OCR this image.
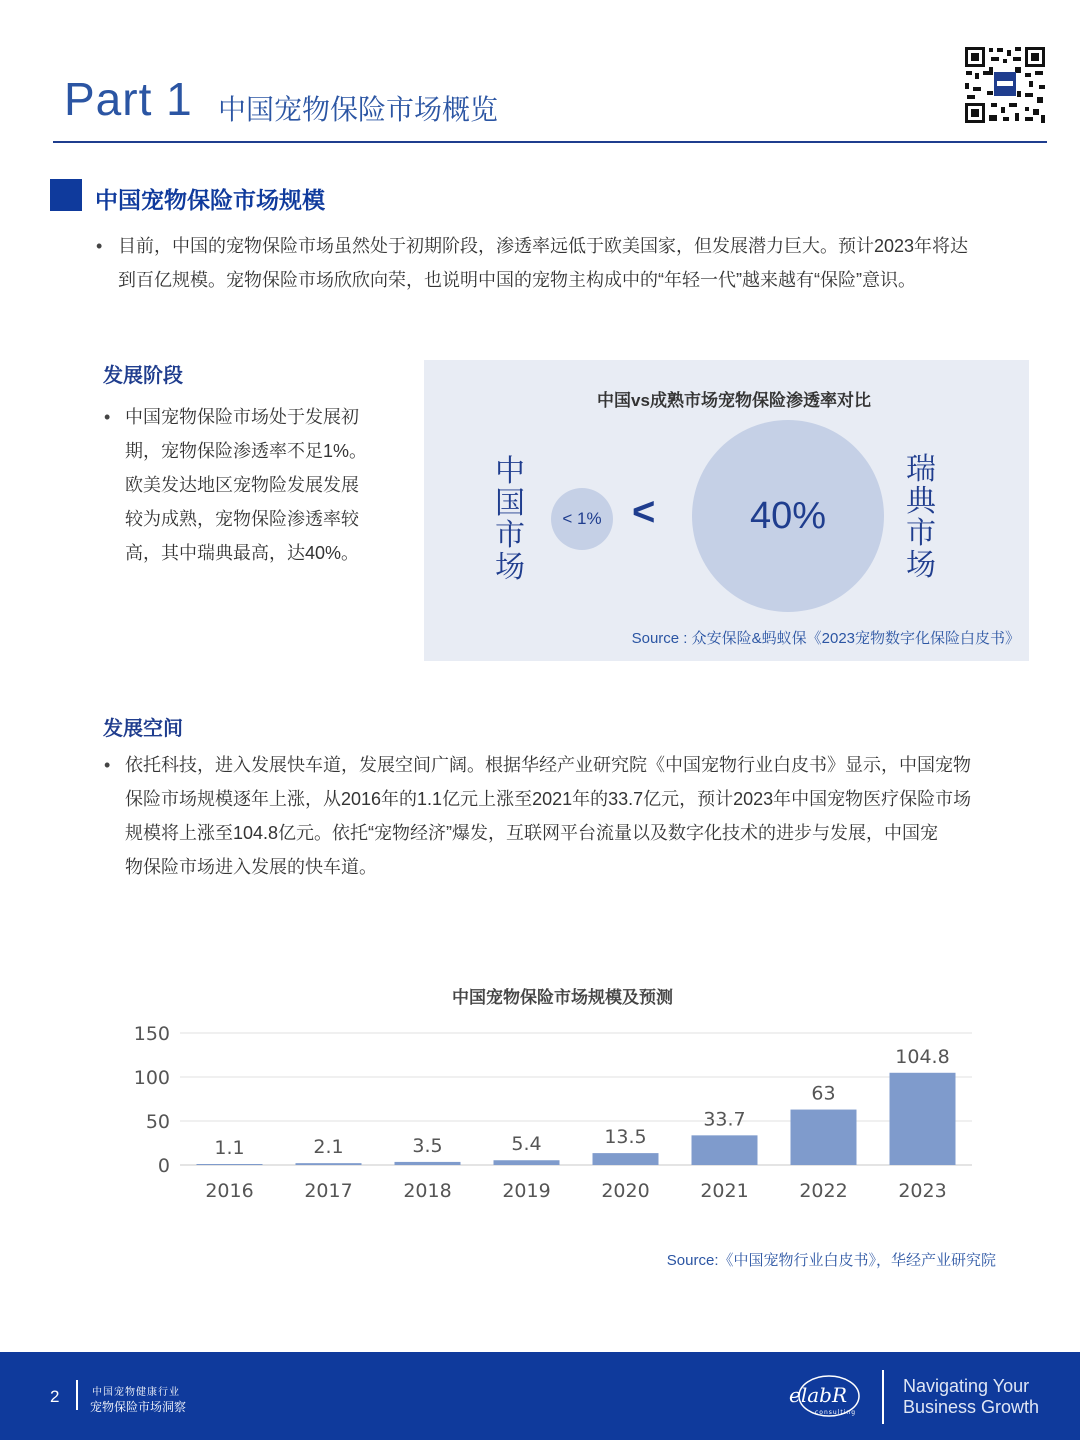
Part 1 中国宠物保险市场概览
中国宠物保险市场规模
• 目前，中国的宠物保险市场虽然处于初期阶段，渗透率远低于欧美国家，但发展潜力巨大。预计2023年将达
到百亿规模。宠物保险市场欣欣向荣，也说明中国的宠物主构成中的“年轻一代”越来越有“保险”意识。
发展阶段
• 中国宠物保险市场处于发展初
期，宠物保险渗透率不足1%。
欧美发达地区宠物险发展发展
较为成熟，宠物保险渗透率较
高，其中瑞典最高，达40%。
中国vs成熟市场宠物保险渗透率对比
中
国
市
场
< 1% < 40%
瑞
典
市
场
Source : 众安保险&蚂蚁保《2023宠物数字化保险白皮书》
发展空间
• 依托科技，进入发展快车道，发展空间广阔。根据华经产业研究院《中国宠物行业白皮书》显示，中国宠物
保险市场规模逐年上涨，从2016年的1.1亿元上涨至2021年的33.7亿元，预计2023年中国宠物医疗保险市场
规模将上涨至104.8亿元。依托“宠物经济”爆发，互联网平台流量以及数字化技术的进步与发展，中国宠
物保险市场进入发展的快车道。
中国宠物保险市场规模及预测
0
50
100
150
1.1
2016
2.1
2017
3.5
2018
5.4
2019
13.5
2020
33.7
2021
63
2022
104.8
2023
Source:《中国宠物行业白皮书》，华经产业研究院
2	中国宠物健康行业
宠物保险市场洞察	elabR
consulting
Navigating Your
Business Growth
